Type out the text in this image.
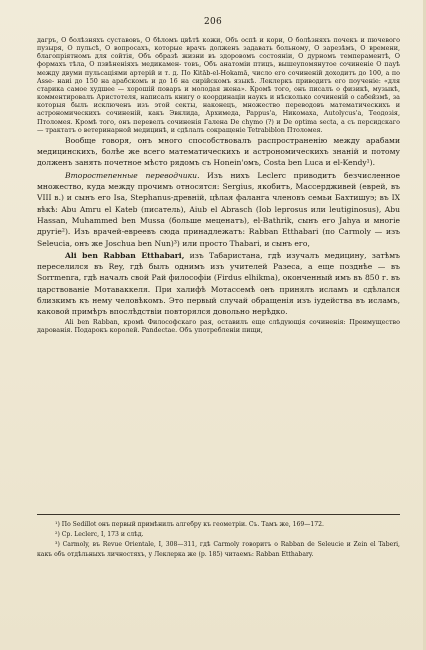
206

дагръ, О болѣзняхъ суставовъ, О бѣломъ цвѣтѣ кожи, Объ оспѣ и кори, О болѣзняхъ почекъ и пючевого пузыря, О пульсѣ, О вопросахъ, которые врачъ долженъ задавать больному, О зарезѣмъ, О времени, благопріятномъ для сойтія, Объ образѣ жизни въ здоровомъ состояніи, О дурномъ темпераментѣ, О формахъ тѣла, О пзвѣненіяхъ медикамен- товъ, Объ анатоміи птицъ, вышеупомянутое сочиненіе О пауѣ между двуми пульсаціями артерій и т. д. По Kitāb-el-Hokamā, число его сочиненій доходитъ до 100, а по Asse- наиі до 150 на арабскомъ и до 16 на сирійскомъ языкѣ. Леклеркъ приводитъ его поученіе: «для старика самое худшее — хорошій поваръ и молодая жена». Кромѣ того, онъ писалъ о физикѣ, музыкѣ, комментировалъ Аристотеля, написалъ книгу о координаціи наукъ и нѣсколько сочиненій о сабейзмѣ, за которыя былъ исключенъ изъ этой секты, наконецъ, множество переводовъ математическихъ и астрономическихъ сочиненій, какъ Эвклида, Архимеда, Pappus'а, Никомаха, Autolycus'а, Теодозія, Птоломея. Кромѣ того, онъ перевелъ сочиненія Галена De chymo (?) и De optima secta, а съ персидскаго — трактатъ о ветеринарной медицинѣ, и сдѣлалъ сокращеніе Tetrabiblon Птоломея.

Вообще говоря, онъ много способствовалъ распространенію между арабами медицинскихъ, болѣе же всего математическихъ и астрономическихъ знаній и потому долженъ занять почетное мѣсто рядомъ съ Honein'омъ, Costa ben Luca и el-Kendy¹).

Второстепенные переводчики. Изъ нихъ Leclerc приводитъ безчисленное множество, куда между прочимъ относятся: Sergius, якобитъ, Массердживей (еврей, въ VIII в.) и сынъ его Isa, Stephanus-древній, цѣлая фаланга членовъ семьи Бахтишуэ; въ IX вѣкѣ: Abu Amru el Kateb (писатель), Aiub el Abrasch (Iob leprosus или leutiginosus), Abu Hassan, Muhammed ben Mussa (больше меценатъ), el-Bathrik, сынъ его Jahya и многіе другіе²). Изъ врачей-евреевъ сюда принадлежатъ: Rabban Etthabari (по Carmoly — изъ Seleucia, онъ же Joschua ben Nun)³) или просто Thabari, и сынъ его,

Ali ben Rabban Etthabari, изъ Табаристана, гдѣ изучалъ медицину, затѣмъ переселился въ Rey, гдѣ былъ однимъ изъ учителей Разеса, а еще позднѣе — въ Sorrmenra, гдѣ началъ свой Рай философіи (Firdus elhikma), оконченный имъ въ 850 г. въ царствованіе Мотаваккеля. При халифѣ Мотассемѣ онъ принялъ исламъ и сдѣлался близкимъ къ нему человѣкомъ. Это первый случай обращенія изъ іудейства въ исламъ, каковой примѣръ впослѣдствіи повторялся довольно нерѣдко.

Ali ben Rabban, кромѣ Философскаго рая, оставилъ еще слѣдующія сочиненія: Преимущество дарованія. Подарокъ королей. Pandectae. Объ употребленіи пищи,

¹) По Sedillot онъ первый примѣнилъ алгебру къ геометріи. Съ. Тамъ же, 169—172.

²) Ср. Leclerc, I, 173 и слѣд.

³) Carmoly, въ Revue Orientale, I, 308—311, гдѣ Carmoly говоритъ о Rabban de Seleucie и Zein el Taberi, какъ объ отдѣльныхъ личностяхъ, у Леклерка же (р. 185) читаемъ: Rabban Etthabary.
